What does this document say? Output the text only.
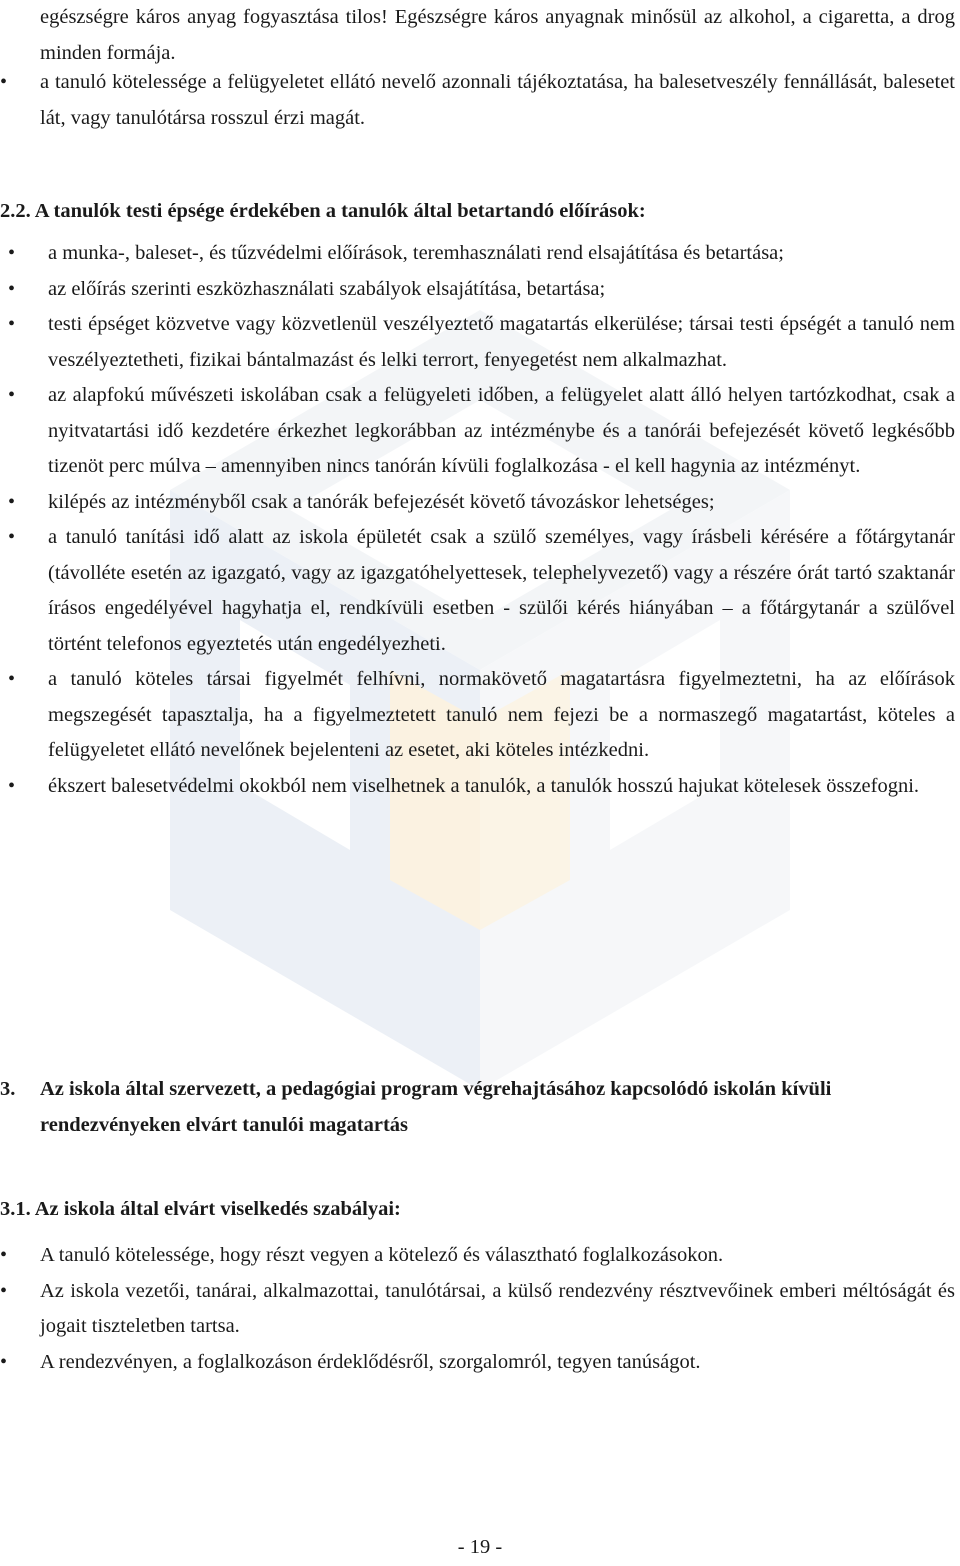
egészségre káros anyag fogyasztása tilos! Egészségre káros anyagnak minősül az alkohol, a cigaretta, a drog minden formája.
• a tanuló kötelessége a felügyeletet ellátó nevelő azonnali tájékoztatása, ha balesetveszély fennállását, balesetet lát, vagy tanulótársa rosszul érzi magát.
2.2. A tanulók testi épsége érdekében a tanulók által betartandó előírások:
• a munka-, baleset-, és tűzvédelmi előírások, teremhasználati rend elsajátítása és betartása;
• az előírás szerinti eszközhasználati szabályok elsajátítása, betartása;
• testi épséget közvetve vagy közvetlenül veszélyeztető magatartás elkerülése; társai testi épségét a tanuló nem veszélyeztetheti, fizikai bántalmazást és lelki terrort, fenyegetést nem alkalmazhat.
• az alapfokú művészeti iskolában csak a felügyeleti időben, a felügyelet alatt álló helyen tartózkodhat, csak a nyitvatartási idő kezdetére érkezhet legkorábban az intézménybe és a tanórái befejezését követő legkésőbb tizenöt perc múlva – amennyiben nincs tanórán kívüli foglalkozása - el kell hagynia az intézményt.
• kilépés az intézményből csak a tanórák befejezését követő távozáskor lehetséges;
• a tanuló tanítási idő alatt az iskola épületét csak a szülő személyes, vagy írásbeli kérésére a főtárgytanár (távolléte esetén az igazgató, vagy az igazgatóhelyettesek, telephelyvezető) vagy a részére órát tartó szaktanár írásos engedélyével hagyhatja el, rendkívüli esetben - szülői kérés hiányában – a főtárgytanár a szülővel történt telefonos egyeztetés után engedélyezheti.
• a tanuló köteles társai figyelmét felhívni, normakövető magatartásra figyelmeztetni, ha az előírások megszegését tapasztalja, ha a figyelmeztetett tanuló nem fejezi be a normaszegő magatartást, köteles a felügyeletet ellátó nevelőnek bejelenteni az esetet, aki köteles intézkedni.
• ékszert balesetvédelmi okokból nem viselhetnek a tanulók, a tanulók hosszú hajukat kötelesek összefogni.
3.	Az iskola által szervezett, a pedagógiai program végrehajtásához kapcsolódó iskolán kívüli rendezvényeken elvárt tanulói magatartás
3.1. Az iskola által elvárt viselkedés szabályai:
• A tanuló kötelessége, hogy részt vegyen a kötelező és választható foglalkozásokon.
• Az iskola vezetői, tanárai, alkalmazottai, tanulótársai, a külső rendezvény résztvevőinek emberi méltóságát és jogait tiszteletben tartsa.
• A rendezvényen, a foglalkozáson érdeklődésről, szorgalomról, tegyen tanúságot.
- 19 -
